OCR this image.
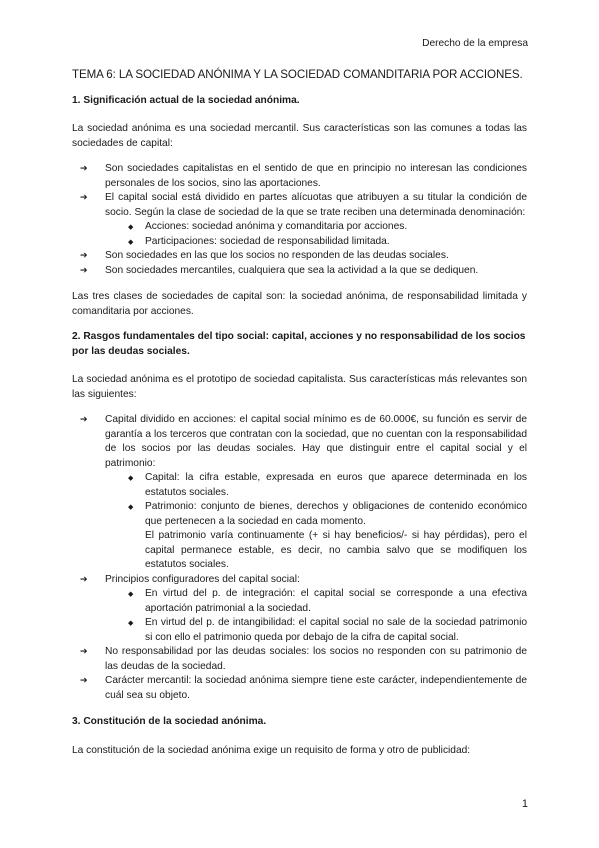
Derecho de la empresa
TEMA 6: LA SOCIEDAD ANÓNIMA Y LA SOCIEDAD COMANDITARIA POR ACCIONES.
1. Significación actual de la sociedad anónima.

La sociedad anónima es una sociedad mercantil. Sus características son las comunes a todas las sociedades de capital:

➔ Son sociedades capitalistas en el sentido de que en principio no interesan las condiciones personales de los socios, sino las aportaciones.
➔ El capital social está dividido en partes alícuotas que atribuyen a su titular la condición de socio. Según la clase de sociedad de la que se trate reciben una determinada denominación:
◆ Acciones: sociedad anónima y comanditaria por acciones.
◆ Participaciones: sociedad de responsabilidad limitada.
➔ Son sociedades en las que los socios no responden de las deudas sociales.
➔ Son sociedades mercantiles, cualquiera que sea la actividad a la que se dediquen.

Las tres clases de sociedades de capital son: la sociedad anónima, de responsabilidad limitada y comanditaria por acciones.

2. Rasgos fundamentales del tipo social: capital, acciones y no responsabilidad de los socios por las deudas sociales.

La sociedad anónima es el prototipo de sociedad capitalista. Sus características más relevantes son las siguientes:

➔ Capital dividido en acciones: el capital social mínimo es de 60.000€, su función es servir de garantía a los terceros que contratan con la sociedad, que no cuentan con la responsabilidad de los socios por las deudas sociales. Hay que distinguir entre el capital social y el patrimonio:
◆ Capital: la cifra estable, expresada en euros que aparece determinada en los estatutos sociales.
◆ Patrimonio: conjunto de bienes, derechos y obligaciones de contenido económico que pertenecen a la sociedad en cada momento.
El patrimonio varía continuamente (+ si hay beneficios/- si hay pérdidas), pero el capital permanece estable, es decir, no cambia salvo que se modifiquen los estatutos sociales.
➔ Principios configuradores del capital social:
◆ En virtud del p. de integración: el capital social se corresponde a una efectiva aportación patrimonial a la sociedad.
◆ En virtud del p. de intangibilidad: el capital social no sale de la sociedad patrimonio si con ello el patrimonio queda por debajo de la cifra de capital social.
➔ No responsabilidad por las deudas sociales: los socios no responden con su patrimonio de las deudas de la sociedad.
➔ Carácter mercantil: la sociedad anónima siempre tiene este carácter, independientemente de cuál sea su objeto.
3. Constitución de la sociedad anónima.

La constitución de la sociedad anónima exige un requisito de forma y otro de publicidad:

1
